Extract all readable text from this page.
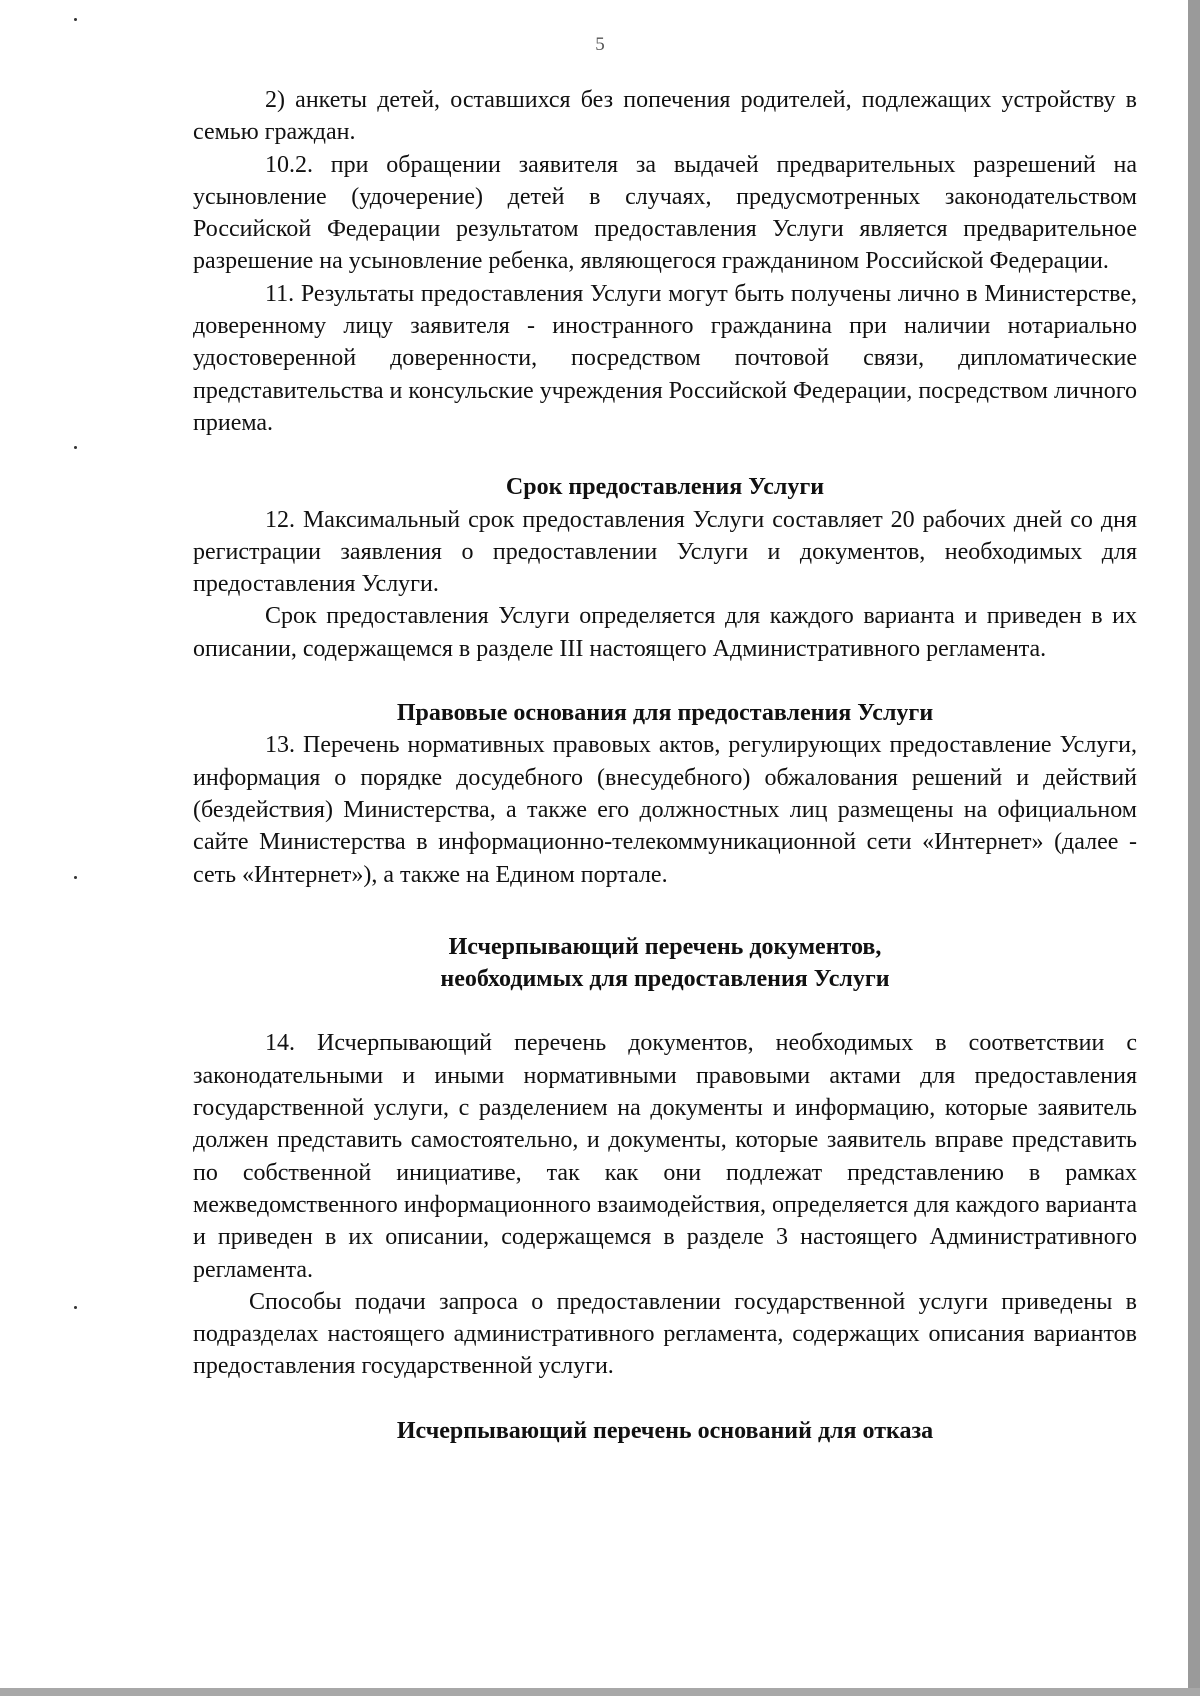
5

2) анкеты детей, оставшихся без попечения родителей, подлежащих устройству в семью граждан.

10.2. при обращении заявителя за выдачей предварительных разрешений на усыновление (удочерение) детей в случаях, предусмотренных законодательством Российской Федерации результатом предоставления Услуги является предварительное разрешение на усыновление ребенка, являющегося гражданином Российской Федерации.

11. Результаты предоставления Услуги могут быть получены лично в Министерстве, доверенному лицу заявителя - иностранного гражданина при наличии нотариально удостоверенной доверенности, посредством почтовой связи, дипломатические представительства и консульские учреждения Российской Федерации, посредством личного приема.

Срок предоставления Услуги

12. Максимальный срок предоставления Услуги составляет 20 рабочих дней со дня регистрации заявления о предоставлении Услуги и документов, необходимых для предоставления Услуги.

Срок предоставления Услуги определяется для каждого варианта и приведен в их описании, содержащемся в разделе III настоящего Административного регламента.

Правовые основания для предоставления Услуги

13. Перечень нормативных правовых актов, регулирующих предоставление Услуги, информация о порядке досудебного (внесудебного) обжалования решений и действий (бездействия) Министерства, а также его должностных лиц размещены на официальном сайте Министерства в информационно-телекоммуникационной сети «Интернет» (далее - сеть «Интернет»), а также на Едином портале.

Исчерпывающий перечень документов,
необходимых для предоставления Услуги

14. Исчерпывающий перечень документов, необходимых в соответствии с законодательными и иными нормативными правовыми актами для предоставления государственной услуги, с разделением на документы и информацию, которые заявитель должен представить самостоятельно, и документы, которые заявитель вправе представить по собственной инициативе, так как они подлежат представлению в рамках межведомственного информационного взаимодействия, определяется для каждого варианта и приведен в их описании, содержащемся в разделе 3 настоящего Административного регламента.

Способы подачи запроса о предоставлении государственной услуги приведены в подразделах настоящего административного регламента, содержащих описания вариантов предоставления государственной услуги.

Исчерпывающий перечень оснований для отказа
